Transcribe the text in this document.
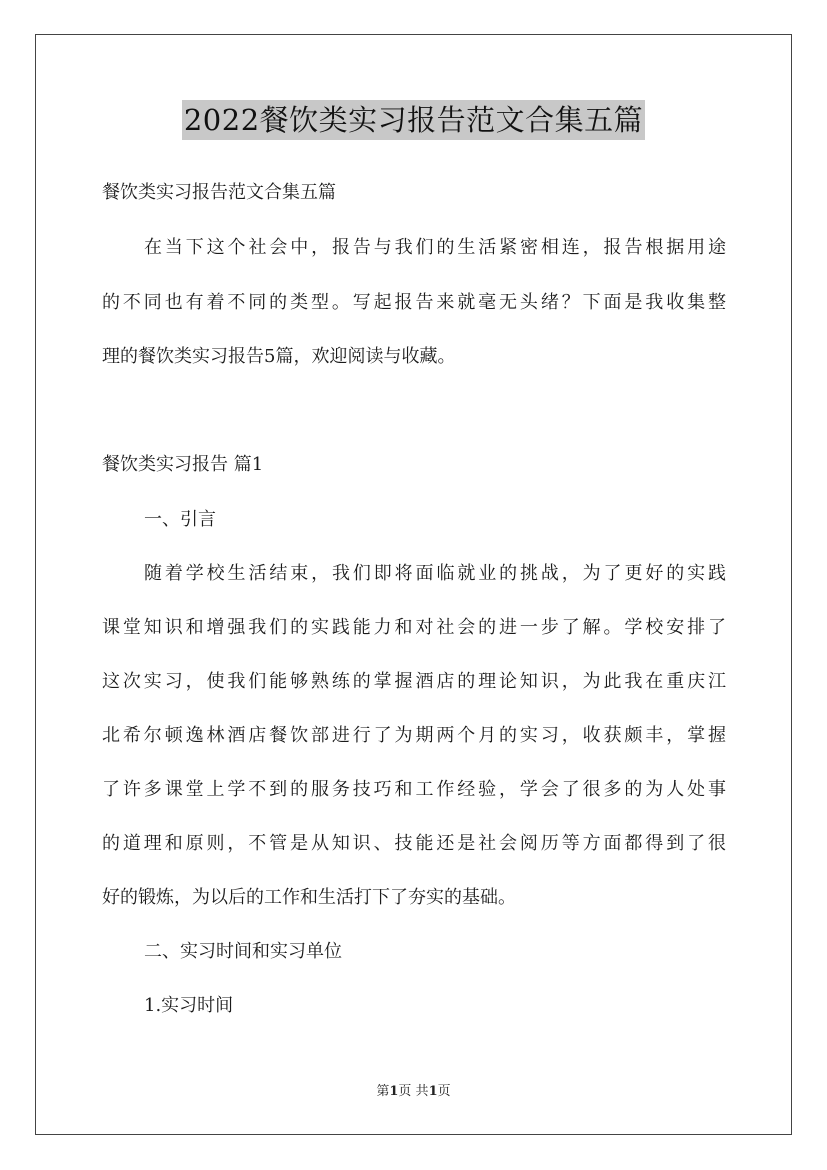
2022餐饮类实习报告范文合集五篇
餐饮类实习报告范文合集五篇
在当下这个社会中，报告与我们的生活紧密相连，报告根据用途
的不同也有着不同的类型。写起报告来就毫无头绪？下面是我收集整
理的餐饮类实习报告5篇，欢迎阅读与收藏。
餐饮类实习报告 篇1
一、引言
随着学校生活结束，我们即将面临就业的挑战，为了更好的实践
课堂知识和增强我们的实践能力和对社会的进一步了解。学校安排了
这次实习，使我们能够熟练的掌握酒店的理论知识，为此我在重庆江
北希尔顿逸林酒店餐饮部进行了为期两个月的实习，收获颇丰，掌握
了许多课堂上学不到的服务技巧和工作经验，学会了很多的为人处事
的道理和原则，不管是从知识、技能还是社会阅历等方面都得到了很
好的锻炼，为以后的工作和生活打下了夯实的基础。
二、实习时间和实习单位
1.实习时间
第1页 共1页
